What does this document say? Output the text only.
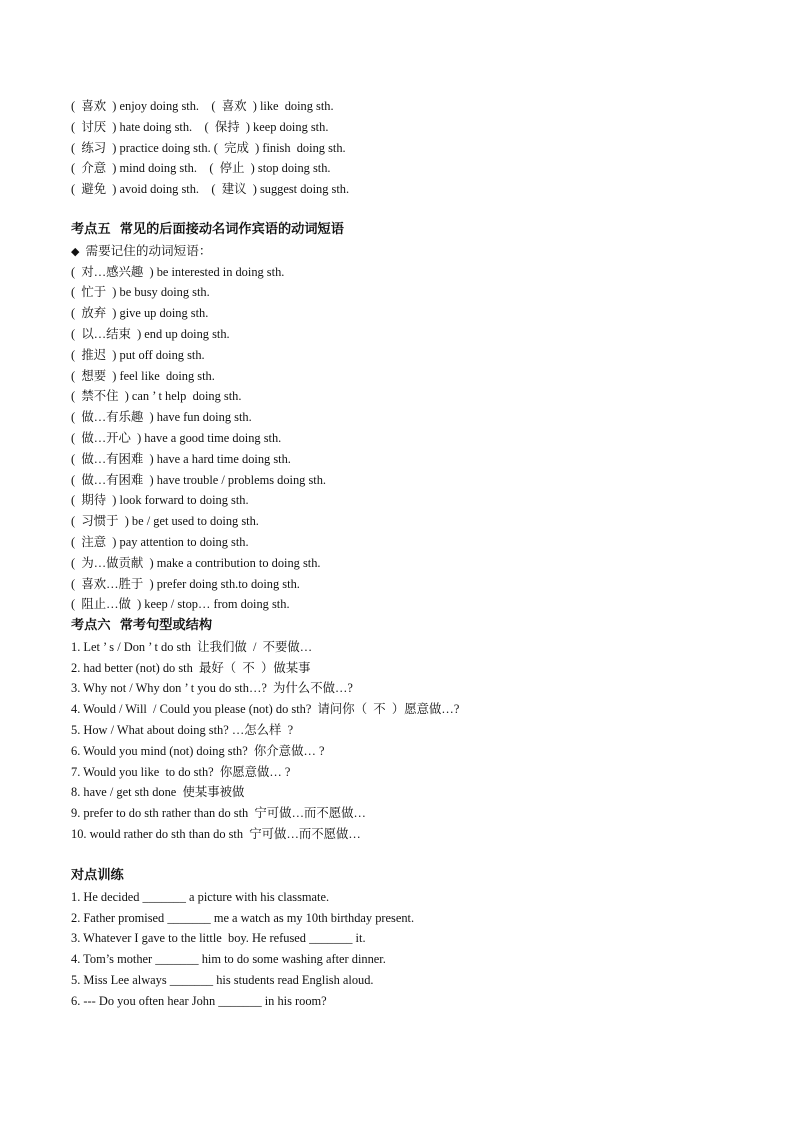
(  喜欢  ) enjoy doing sth.    (  喜欢  ) like  doing sth.
(  讨厌  ) hate doing sth.    (  保持  ) keep doing sth.
(  练习  ) practice doing sth. (  完成  ) finish  doing sth.
(  介意  ) mind doing sth.    (  停止  ) stop doing sth.
(  避免  ) avoid doing sth.    (  建议  ) suggest doing sth.
考点五  常见的后面接动名词作宾语的动词短语
◆ 需要记住的动词短语：
(  对…感兴趣  ) be interested in doing sth.
(  忙于  ) be busy doing sth.
(  放弃  ) give up doing sth.
(  以…结束  ) end up doing sth.
(  推迟  ) put off doing sth.
(  想要  ) feel like  doing sth.
(  禁不住  ) can ’ t help  doing sth.
(  做…有乐趣  ) have fun doing sth.
(  做…开心  ) have a good time doing sth.
(  做…有困难  ) have a hard time doing sth.
(  做…有困难  ) have trouble / problems doing sth.
(  期待  ) look forward to doing sth.
(  习惯于  ) be / get used to doing sth.
(  注意  ) pay attention to doing sth.
(  为…做贡献  ) make a contribution to doing sth.
(  喜欢…胜于  ) prefer doing sth.to doing sth.
(  阻止…做  ) keep / stop… from doing sth.
考点六  常考句型或结构
1. Let ’ s / Don ’ t do sth  让我们做  /  不要做…
2. had better (not) do sth  最好（  不  ）做某事
3. Why not / Why don ’ t you do sth…?  为什么不做…?
4. Would / Will  / Could you please (not) do sth?  请问你（  不  ）愿意做…?
5. How / What about doing sth? …怎么样  ?
6. Would you mind (not) doing sth?  你介意做… ?
7. Would you like  to do sth?  你愿意做… ?
8. have / get sth done  使某事被做
9. prefer to do sth rather than do sth  宁可做…而不愿做…
10. would rather do sth than do sth  宁可做…而不愿做…
对点训练
1. He decided _______ a picture with his classmate.
2. Father promised _______ me a watch as my 10th birthday present.
3. Whatever I gave to the little  boy. He refused _______ it.
4. Tom’s mother _______ him to do some washing after dinner.
5. Miss Lee always _______ his students read English aloud.
6. --- Do you often hear John _______ in his room?
